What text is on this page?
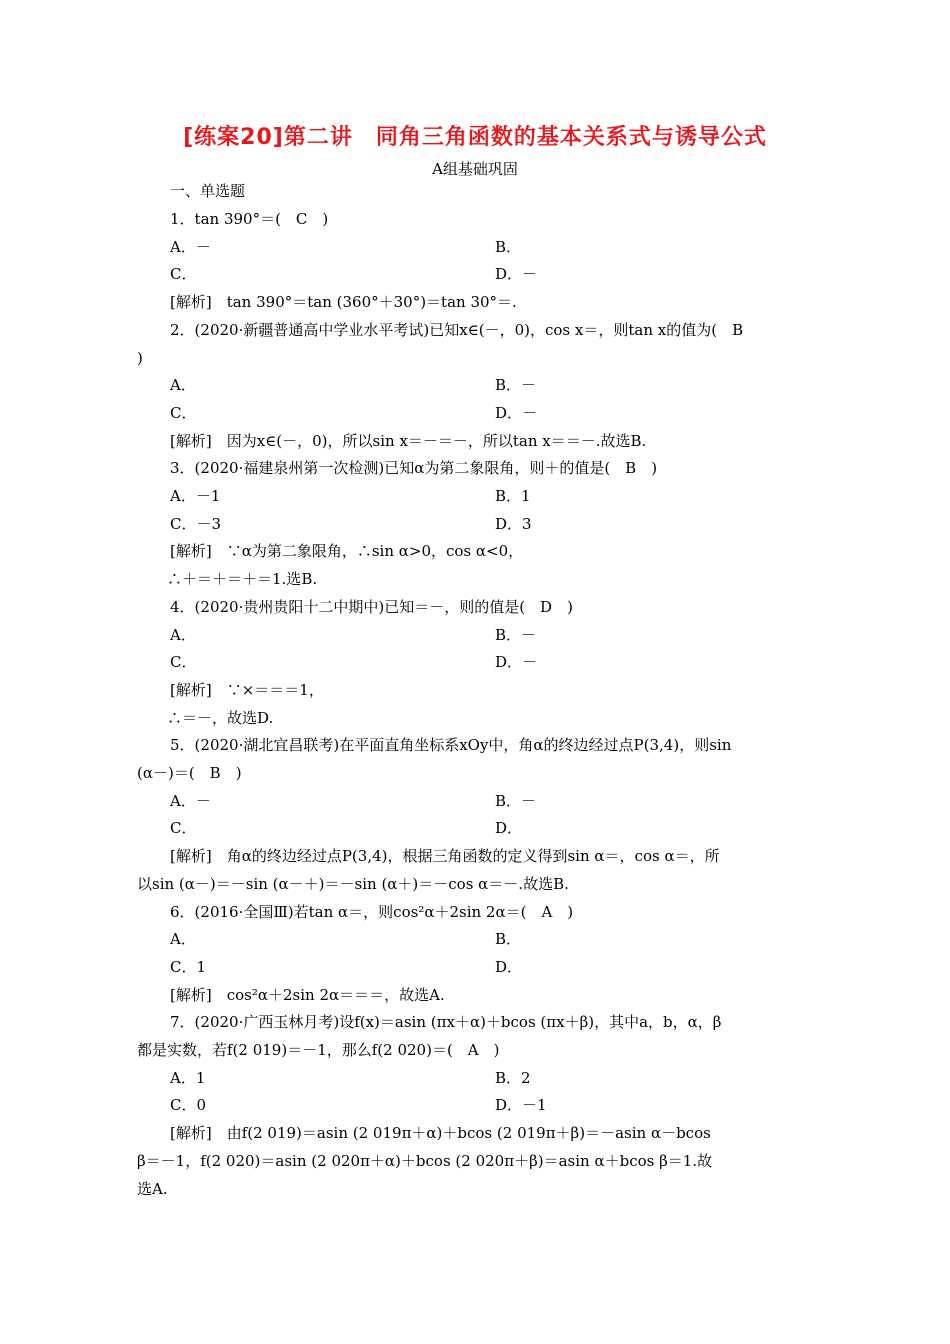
[练案20]第二讲　同角三角函数的基本关系式与诱导公式
A组基础巩固
一、单选题
1．tan 390°＝(　C　)
A．－	B．
C．	D．－
[解析]　tan 390°＝tan (360°＋30°)＝tan 30°＝.
2．(2020·新疆普通高中学业水平考试)已知x∈(－，0)，cos x＝，则tan x的值为(　B
)
A．	B．－
C．	D．－
[解析]　因为x∈(－，0)，所以sin x＝－＝－，所以tan x＝＝－.故选B.
3．(2020·福建泉州第一次检测)已知α为第二象限角，则＋的值是(　B　)
A．－1	B．1
C．－3	D．3
[解析]　∵α为第二象限角，∴sin α>0，cos α<0，
　　∴＋＝＋＝＋＝1.选B.
4．(2020·贵州贵阳十二中期中)已知＝－，则的值是(　D　)
A．	B．－
C．	D．－
[解析]　∵×＝＝＝1，
　　∴＝－，故选D.
5．(2020·湖北宜昌联考)在平面直角坐标系xOy中，角α的终边经过点P(3,4)，则sin
(α－)＝(　B　)
A．－	B．－
C．	D．
[解析]　角α的终边经过点P(3,4)，根据三角函数的定义得到sin α＝，cos α＝，所
以sin (α－)＝－sin (α－＋)＝－sin (α＋)＝－cos α＝－.故选B.
6．(2016·全国Ⅲ)若tan α＝，则cos²α＋2sin 2α＝(　A　)
A．	B．
C．1	D．
[解析]　cos²α＋2sin 2α＝＝＝，故选A.
7．(2020·广西玉林月考)设f(x)＝asin (πx＋α)＋bcos (πx＋β)，其中a，b，α，β
都是实数，若f(2 019)＝－1，那么f(2 020)＝(　A　)
A．1	B．2
C．0	D．－1
[解析]　由f(2 019)＝asin (2 019π＋α)＋bcos (2 019π＋β)＝－asin α－bcos
β＝－1，f(2 020)＝asin (2 020π＋α)＋bcos (2 020π＋β)＝asin α＋bcos β＝1.故
选A.
